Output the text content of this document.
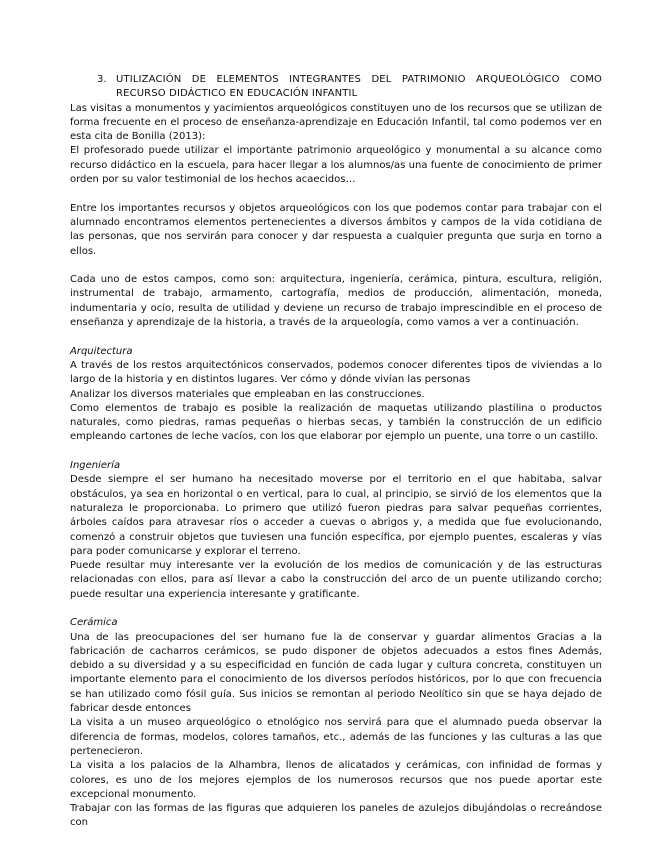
3. UTILIZACIÓN DE ELEMENTOS INTEGRANTES DEL PATRIMONIO ARQUEOLÓGICO COMO RECURSO DIDÁCTICO EN EDUCACIÓN INFANTIL

Las visitas a monumentos y yacimientos arqueológicos constituyen uno de los recursos que se utilizan de forma frecuente en el proceso de enseñanza-aprendizaje en Educación Infantil, tal como podemos ver en esta cita de Bonilla (2013):

El profesorado puede utilizar el importante patrimonio arqueológico y monumental a su alcance como recurso didáctico en la escuela, para hacer llegar a los alumnos/as una fuente de conocimiento de primer orden por su valor testimonial de los hechos acaecidos…

Entre los importantes recursos y objetos arqueológicos con los que podemos contar para trabajar con el alumnado encontramos elementos pertenecientes a diversos ámbitos y campos de la vida cotidiana de las personas, que nos servirán para conocer y dar respuesta a cualquier pregunta que surja en torno a ellos.

Cada uno de estos campos, como son: arquitectura, ingeniería, cerámica, pintura, escultura, religión, instrumental de trabajo, armamento, cartografía, medios de producción, alimentación, moneda, indumentaria y ocio, resulta de utilidad y deviene un recurso de trabajo imprescindible en el proceso de enseñanza y aprendizaje de la historia, a través de la arqueología, como vamos a ver a continuación.

Arquitectura

A través de los restos arquitectónicos conservados, podemos conocer diferentes tipos de viviendas a lo largo de la historia y en distintos lugares. Ver cómo y dónde vivían las personas

Analizar los diversos materiales que empleaban en las construcciones.

Como elementos de trabajo es posible la realización de maquetas utilizando plastilina o productos naturales, como piedras, ramas pequeñas o hierbas secas, y también la construcción de un edificio empleando cartones de leche vacíos, con los que elaborar por ejemplo un puente, una torre o un castillo.

Ingeniería

Desde siempre el ser humano ha necesitado moverse por el territorio en el que habitaba, salvar obstáculos, ya sea en horizontal o en vertical, para lo cual, al principio, se sirvió de los elementos que la naturaleza le proporcionaba. Lo primero que utilizó fueron piedras para salvar pequeñas corrientes, árboles caídos para atravesar ríos o acceder a cuevas o abrigos y, a medida que fue evolucionando, comenzó a construir objetos que tuviesen una función específica, por ejemplo puentes, escaleras y vías para poder comunicarse y explorar el terreno.

Puede resultar muy interesante ver la evolución de los medios de comunicación y de las estructuras relacionadas con ellos, para así llevar a cabo la construcción del arco de un puente utilizando corcho; puede resultar una experiencia interesante y gratificante.

Cerámica

Una de las preocupaciones del ser humano fue la de conservar y guardar alimentos Gracias a la fabricación de cacharros cerámicos, se pudo disponer de objetos adecuados a estos fines Además, debido a su diversidad y a su especificidad en función de cada lugar y cultura concreta, constituyen un importante elemento para el conocimiento de los diversos períodos históricos, por lo que con frecuencia se han utilizado como fósil guía. Sus inicios se remontan al periodo Neolítico sin que se haya dejado de fabricar desde entonces

La visita a un museo arqueológico o etnológico nos servirá para que el alumnado pueda observar la diferencia de formas, modelos, colores tamaños, etc., además de las funciones y las culturas a las que pertenecieron.

La visita a los palacios de la Alhambra, llenos de alicatados y cerámicas, con infinidad de formas y colores, es uno de los mejores ejemplos de los numerosos recursos que nos puede aportar este excepcional monumento.

Trabajar con las formas de las figuras que adquieren los paneles de azulejos dibujándolas o recreándose con
